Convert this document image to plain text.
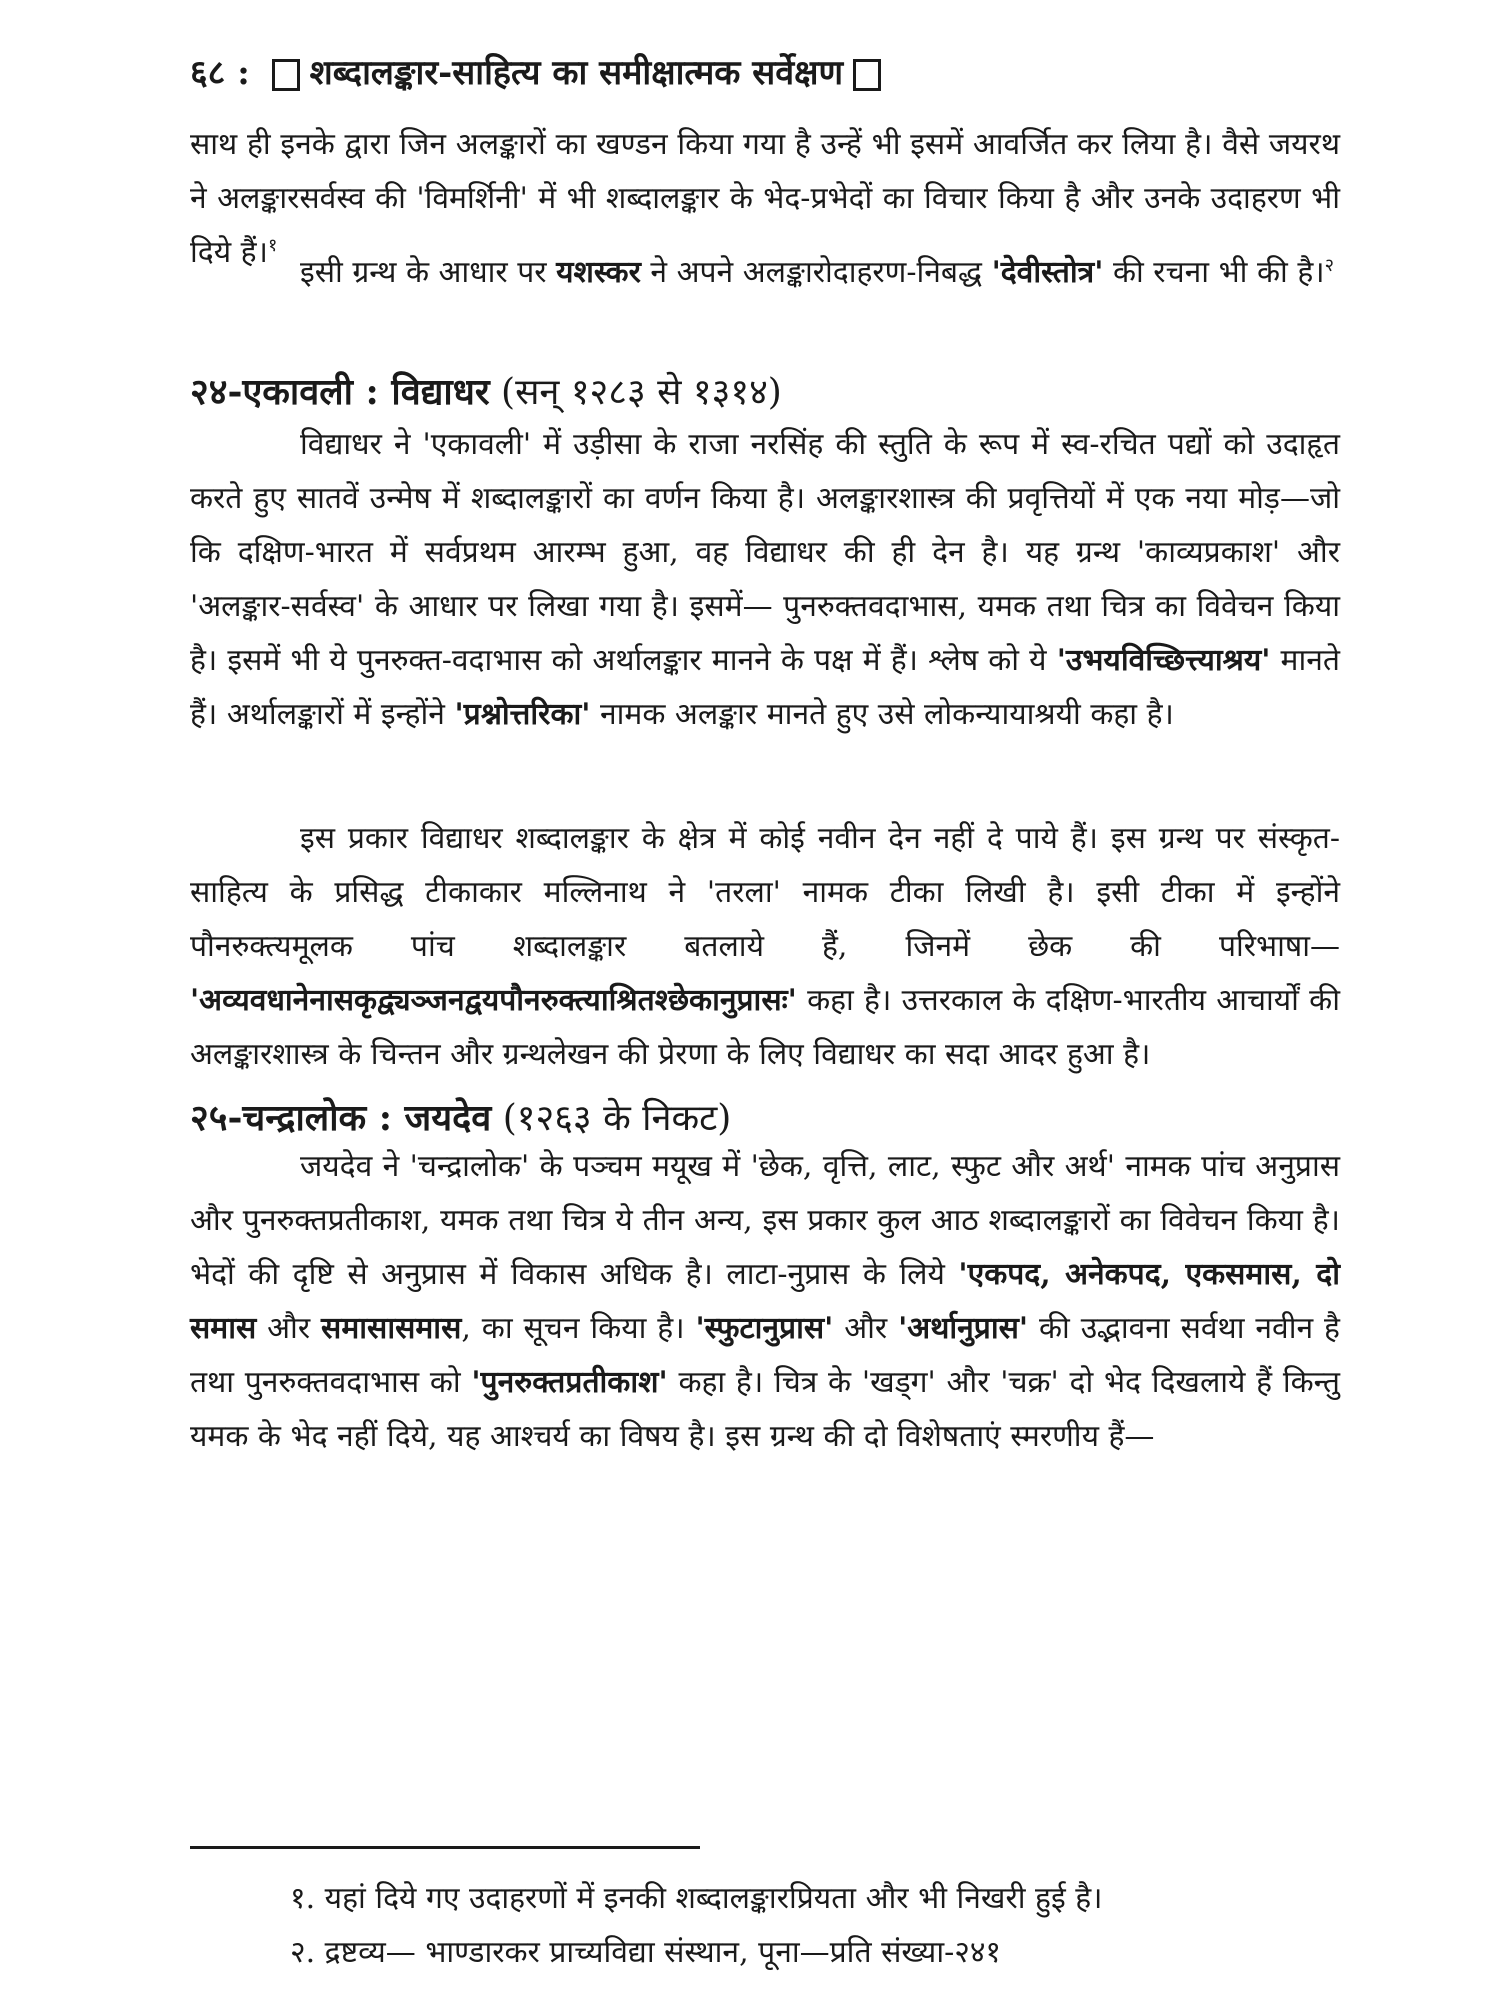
६८ : शब्दालङ्कार-साहित्य का समीक्षात्मक सर्वेक्षण
साथ ही इनके द्वारा जिन अलङ्कारों का खण्डन किया गया है उन्हें भी इसमें आवर्जित कर लिया है। वैसे जयरथ ने अलङ्कारसर्वस्व की 'विमर्शिनी' में भी शब्दालङ्कार के भेद-प्रभेदों का विचार किया है और उनके उदाहरण भी दिये हैं।$^१$
इसी ग्रन्थ के आधार पर यशस्कर ने अपने अलङ्कारोदाहरण-निबद्ध 'देवीस्तोत्र' की रचना भी की है।$^२$
२४-एकावली : विद्याधर (सन् १२८३ से १३१४)
विद्याधर ने 'एकावली' में उड़ीसा के राजा नरसिंह की स्तुति के रूप में स्व-रचित पद्यों को उदाहृत करते हुए सातवें उन्मेष में शब्दालङ्कारों का वर्णन किया है। अलङ्कारशास्त्र की प्रवृत्तियों में एक नया मोड़—जो कि दक्षिण-भारत में सर्वप्रथम आरम्भ हुआ, वह विद्याधर की ही देन है। यह ग्रन्थ 'काव्यप्रकाश' और 'अलङ्कार-सर्वस्व' के आधार पर लिखा गया है। इसमें— पुनरुक्तवदाभास, यमक तथा चित्र का विवेचन किया है। इसमें भी ये पुनरुक्त-वदाभास को अर्थालङ्कार मानने के पक्ष में हैं। श्लेष को ये 'उभयविच्छित्त्याश्रय' मानते हैं। अर्थालङ्कारों में इन्होंने 'प्रश्नोत्तरिका' नामक अलङ्कार मानते हुए उसे लोकन्यायाश्रयी कहा है।
इस प्रकार विद्याधर शब्दालङ्कार के क्षेत्र में कोई नवीन देन नहीं दे पाये हैं। इस ग्रन्थ पर संस्कृत-साहित्य के प्रसिद्ध टीकाकार मल्लिनाथ ने 'तरला' नामक टीका लिखी है। इसी टीका में इन्होंने पौनरुक्त्यमूलक पांच शब्दालङ्कार बतलाये हैं, जिनमें छेक की परिभाषा— 'अव्यवधानेनासकृद्व्यञ्जनद्वयपौनरुक्त्याश्रितश्छेकानुप्रासः' कहा है। उत्तरकाल के दक्षिण-भारतीय आचार्यों की अलङ्कारशास्त्र के चिन्तन और ग्रन्थलेखन की प्रेरणा के लिए विद्याधर का सदा आदर हुआ है।
२५-चन्द्रालोक : जयदेव (१२६३ के निकट)
जयदेव ने 'चन्द्रालोक' के पञ्चम मयूख में 'छेक, वृत्ति, लाट, स्फुट और अर्थ' नामक पांच अनुप्रास और पुनरुक्तप्रतीकाश, यमक तथा चित्र ये तीन अन्य, इस प्रकार कुल आठ शब्दालङ्कारों का विवेचन किया है। भेदों की दृष्टि से अनुप्रास में विकास अधिक है। लाटा-नुप्रास के लिये 'एकपद, अनेकपद, एकसमास, दो समास और समासासमास, का सूचन किया है। 'स्फुटानुप्रास' और 'अर्थानुप्रास' की उद्भावना सर्वथा नवीन है तथा पुनरुक्तवदाभास को 'पुनरुक्तप्रतीकाश' कहा है। चित्र के 'खड्ग' और 'चक्र' दो भेद दिखलाये हैं किन्तु यमक के भेद नहीं दिये, यह आश्चर्य का विषय है। इस ग्रन्थ की दो विशेषताएं स्मरणीय हैं—
१. यहां दिये गए उदाहरणों में इनकी शब्दालङ्कारप्रियता और भी निखरी हुई है।
२. द्रष्टव्य— भाण्डारकर प्राच्यविद्या संस्थान, पूना—प्रति संख्या-२४१
